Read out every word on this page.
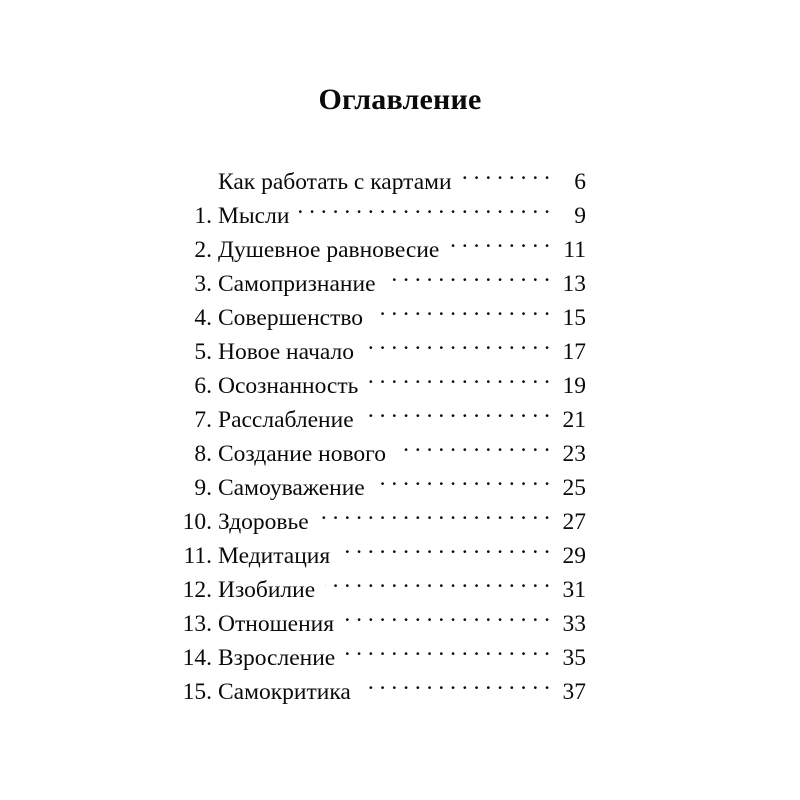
Оглавление
Как работать с картами . . .	6
1. Мысли . . .	9
2. Душевное равновесие . . .	11
3. Самопризнание . . .	13
4. Совершенство . . .	15
5. Новое начало . . .	17
6. Осознанность . . .	19
7. Расслабление . . .	21
8. Создание нового . . .	23
9. Самоуважение . . .	25
10. Здоровье . . .	27
11. Медитация . . .	29
12. Изобилие . . .	31
13. Отношения . . .	33
14. Взросление . . .	35
15. Самокритика . . .	37
